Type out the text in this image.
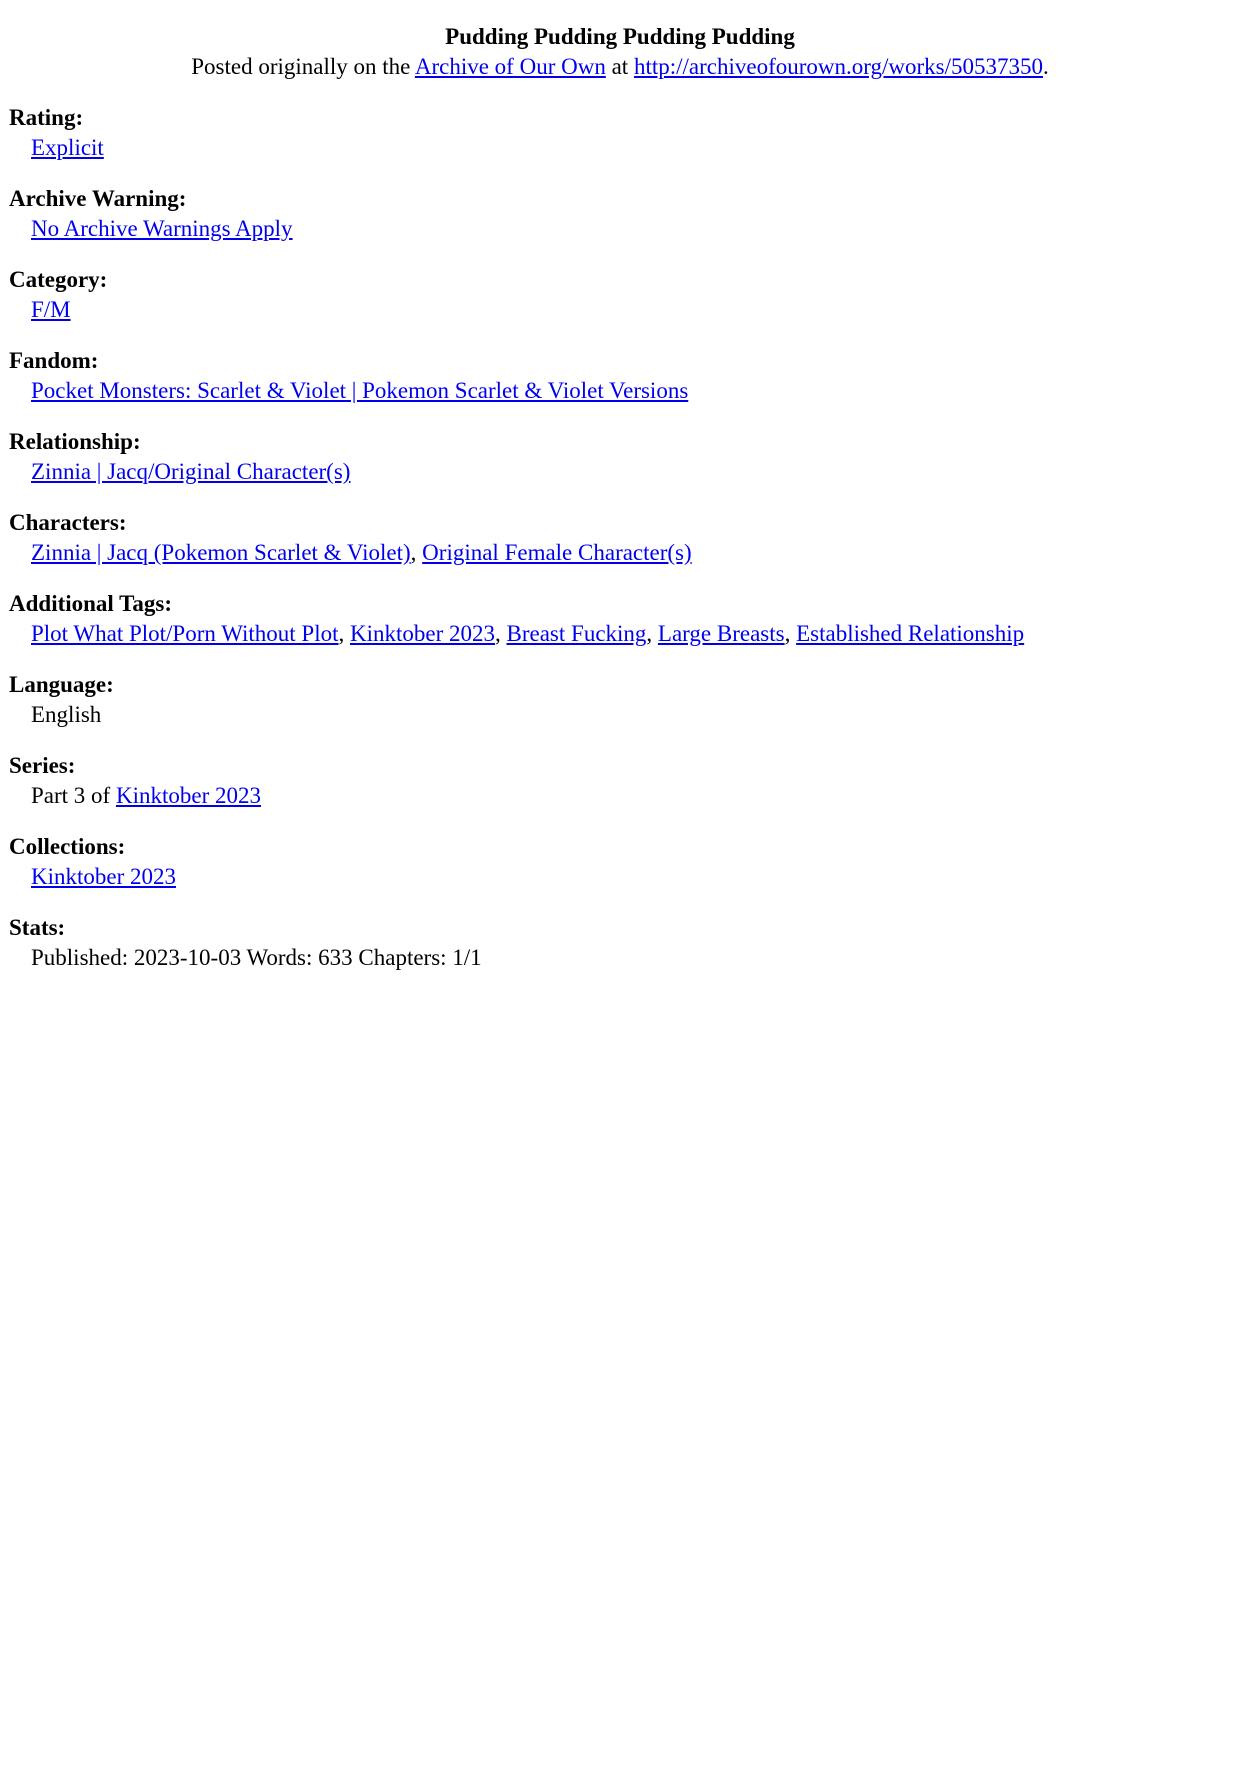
Pudding Pudding Pudding Pudding
Posted originally on the Archive of Our Own at http://archiveofourown.org/works/50537350.
Rating:
Explicit
Archive Warning:
No Archive Warnings Apply
Category:
F/M
Fandom:
Pocket Monsters: Scarlet & Violet | Pokemon Scarlet & Violet Versions
Relationship:
Zinnia | Jacq/Original Character(s)
Characters:
Zinnia | Jacq (Pokemon Scarlet & Violet), Original Female Character(s)
Additional Tags:
Plot What Plot/Porn Without Plot, Kinktober 2023, Breast Fucking, Large Breasts, Established Relationship
Language:
English
Series:
Part 3 of Kinktober 2023
Collections:
Kinktober 2023
Stats:
Published: 2023-10-03 Words: 633 Chapters: 1/1
